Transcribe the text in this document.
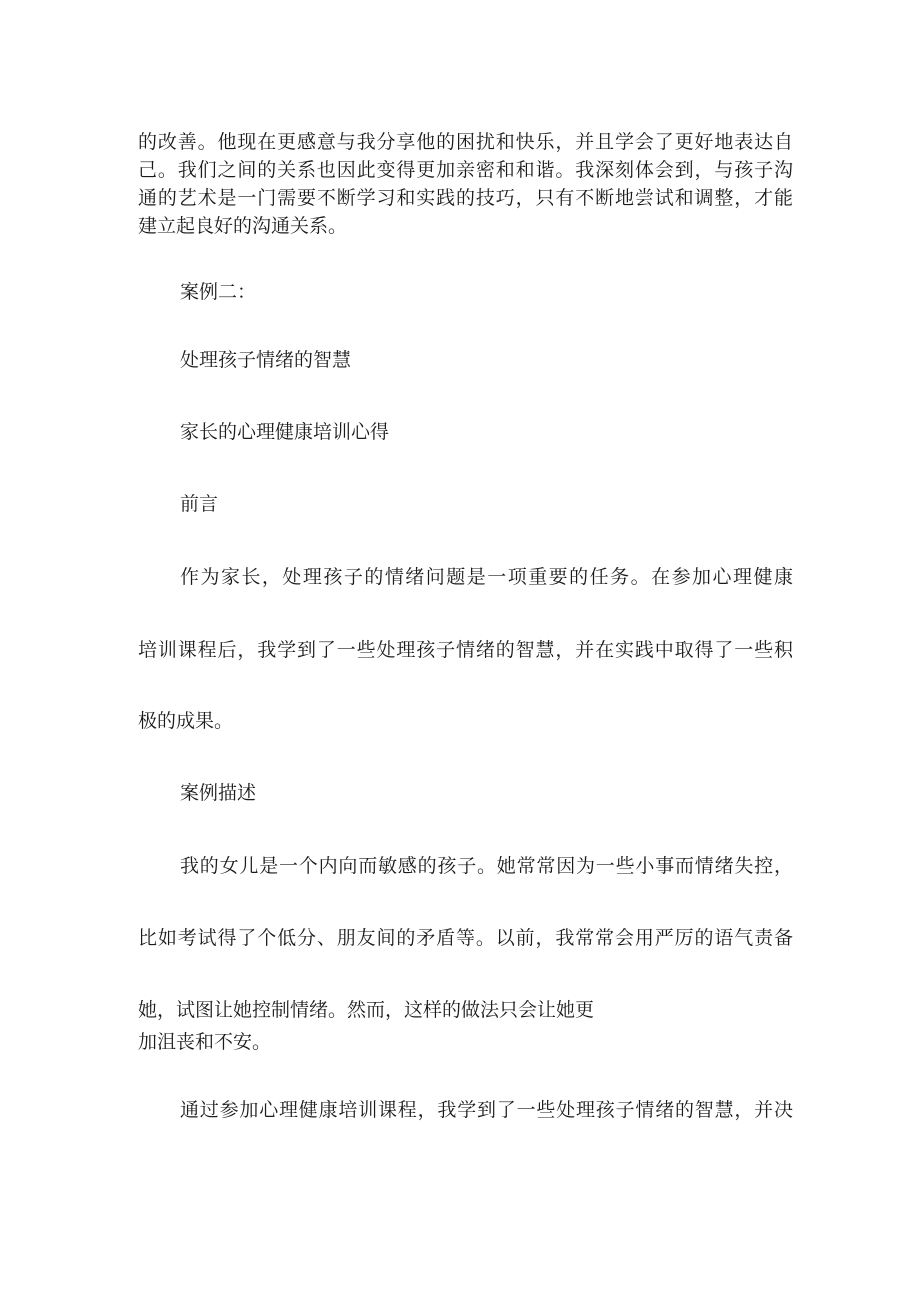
的改善。他现在更感意与我分享他的困扰和快乐，并且学会了更好地表达自
己。我们之间的关系也因此变得更加亲密和和谐。我深刻体会到，与孩子沟
通的艺术是一门需要不断学习和实践的技巧，只有不断地尝试和调整，才能
建立起良好的沟通关系。
案例二：
处理孩子情绪的智慧
家长的心理健康培训心得
前言
作为家长，处理孩子的情绪问题是一项重要的任务。在参加心理健康
培训课程后，我学到了一些处理孩子情绪的智慧，并在实践中取得了一些积
极的成果。
案例描述
我的女儿是一个内向而敏感的孩子。她常常因为一些小事而情绪失控，
比如考试得了个低分、朋友间的矛盾等。以前，我常常会用严厉的语气责备
她，试图让她控制情绪。然而，这样的做法只会让她更
加沮丧和不安。
通过参加心理健康培训课程，我学到了一些处理孩子情绪的智慧，并决
